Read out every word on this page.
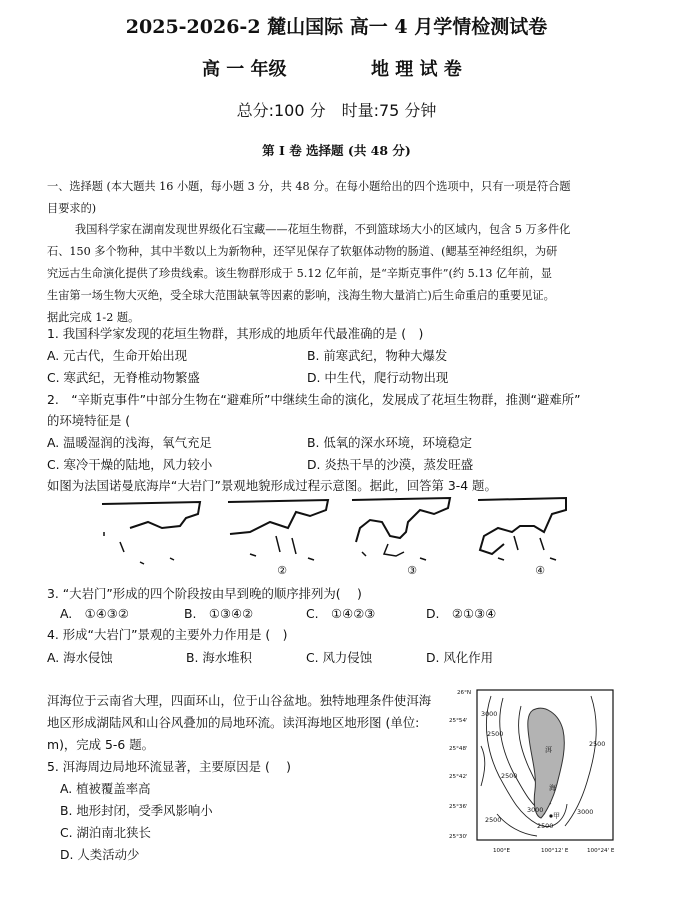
2025-2026-2 麓山国际 高一 4 月学情检测试卷
高 一 年级	地 理 试 卷
总分:100 分　时量:75 分钟
第 I 卷 选择题 (共 48 分)
一、选择题 (本大题共 16 小题，每小题 3 分，共 48 分。在每小题给出的四个选项中，只有一项是符合题
目要求的)
我国科学家在湖南发现世界级化石宝藏——花垣生物群，不到篮球场大小的区域内，包含 5 万多件化
石、150 多个物种，其中半数以上为新物种，还罕见保存了软躯体动物的肠道、(鳃基至神经组织，为研
究远古生命演化提供了珍贵线索。该生物群形成于 5.12 亿年前，是“辛斯克事件”(约 5.13 亿年前，显
生宙第一场生物大灭绝，受全球大范围缺氧等因素的影响，浅海生物大量消亡)后生命重启的重要见证。
据此完成 1-2 题。
1. 我国科学家发现的花垣生物群，其形成的地质年代最准确的是 (　)
A. 元古代，生命开始出现	B. 前寒武纪，物种大爆发
C. 寒武纪，无脊椎动物繁盛	D. 中生代，爬行动物出现
2.　“辛斯克事件”中部分生物在“避难所”中继续生命的演化，发展成了花垣生物群，推测“避难所”
的环境特征是 (
A. 温暖湿润的浅海，氧气充足	B. 低氧的深水环境，环境稳定
C. 寒冷干燥的陆地，风力较小	D. 炎热干旱的沙漠，蒸发旺盛
如图为法国诺曼底海岸“大岩门”景观地貌形成过程示意图。据此，回答第 3-4 题。
②	③	④
3. “大岩门”形成的四个阶段按由早到晚的顺序排列为(　 )
A.　①④③②	B.　①③④②	C.　①④②③	D.　②①③④
4. 形成“大岩门”景观的主要外力作用是 (　)
A. 海水侵蚀	B. 海水堆积	C. 风力侵蚀	D. 风化作用
洱海位于云南省大理，四面环山，位于山谷盆地。独特地理条件使洱海
地区形成湖陆风和山谷风叠加的局地环流。读洱海地区地形图 (单位:
m)，完成 5-6 题。
5. 洱海周边局地环流显著，主要原因是 (　 )
A. 植被覆盖率高
B. 地形封闭，受季风影响小
C. 湖泊南北狭长
D. 人类活动少
洱
海
甲
3000
2500
2500
2500
2500
3000
2500
3000
26°N
25°54'
25°48'
25°42'
25°36'
25°30'
100°E	100°12' E	100°24' E
